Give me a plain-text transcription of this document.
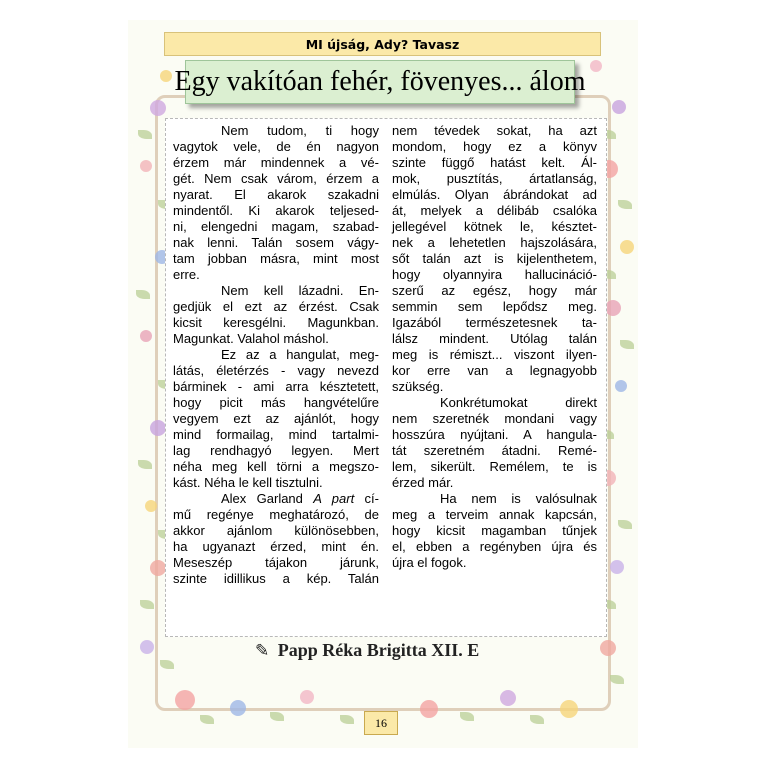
MI újság, Ady? Tavasz
Egy vakítóan fehér, fövenyes... álom
Nem tudom, ti hogy
vagytok vele, de én nagyon
érzem már mindennek a vé-
gét. Nem csak várom, érzem a
nyarat. El akarok szakadni
mindentől. Ki akarok teljesed-
ni, elengedni magam, szabad-
nak lenni. Talán sosem vágy-
tam jobban másra, mint most
erre.
Nem kell lázadni. En-
gedjük el ezt az érzést. Csak
kicsit keresgélni. Magunkban.
Magunkat. Valahol máshol.
Ez az a hangulat, meg-
látás, életérzés - vagy nevezd
bárminek - ami arra késztetett,
hogy picit más hangvételűre
vegyem ezt az ajánlót, hogy
mind formailag, mind tartalmi-
lag rendhagyó legyen. Mert
néha meg kell törni a megszo-
kást. Néha le kell tisztulni.
Alex Garland A part cí-
mű regénye meghatározó, de
akkor ajánlom különösebben,
ha ugyanazt érzed, mint én.
Meseszép tájakon járunk,
szinte idillikus a kép. Talán
nem tévedek sokat, ha azt
mondom, hogy ez a könyv
szinte függő hatást kelt. Ál-
mok, pusztítás, ártatlanság,
elmúlás. Olyan ábrándokat ad
át, melyek a délibáb csalóka
jellegével kötnek le, késztet-
nek a lehetetlen hajszolására,
sőt talán azt is kijelenthetem,
hogy olyannyira hallucináció-
szerű az egész, hogy már
semmin sem lepődsz meg.
Igazából természetesnek ta-
lálsz mindent. Utólag talán
meg is rémiszt... viszont ilyen-
kor erre van a legnagyobb
szükség.
Konkrétumokat direkt
nem szeretnék mondani vagy
hosszúra nyújtani. A hangula-
tát szeretném átadni. Remé-
lem, sikerült. Remélem, te is
érzed már.
Ha nem is valósulnak
meg a terveim annak kapcsán,
hogy kicsit magamban tűnjek
el, ebben a regényben újra és
újra el fogok.
✎ Papp Réka Brigitta XII. E
16
